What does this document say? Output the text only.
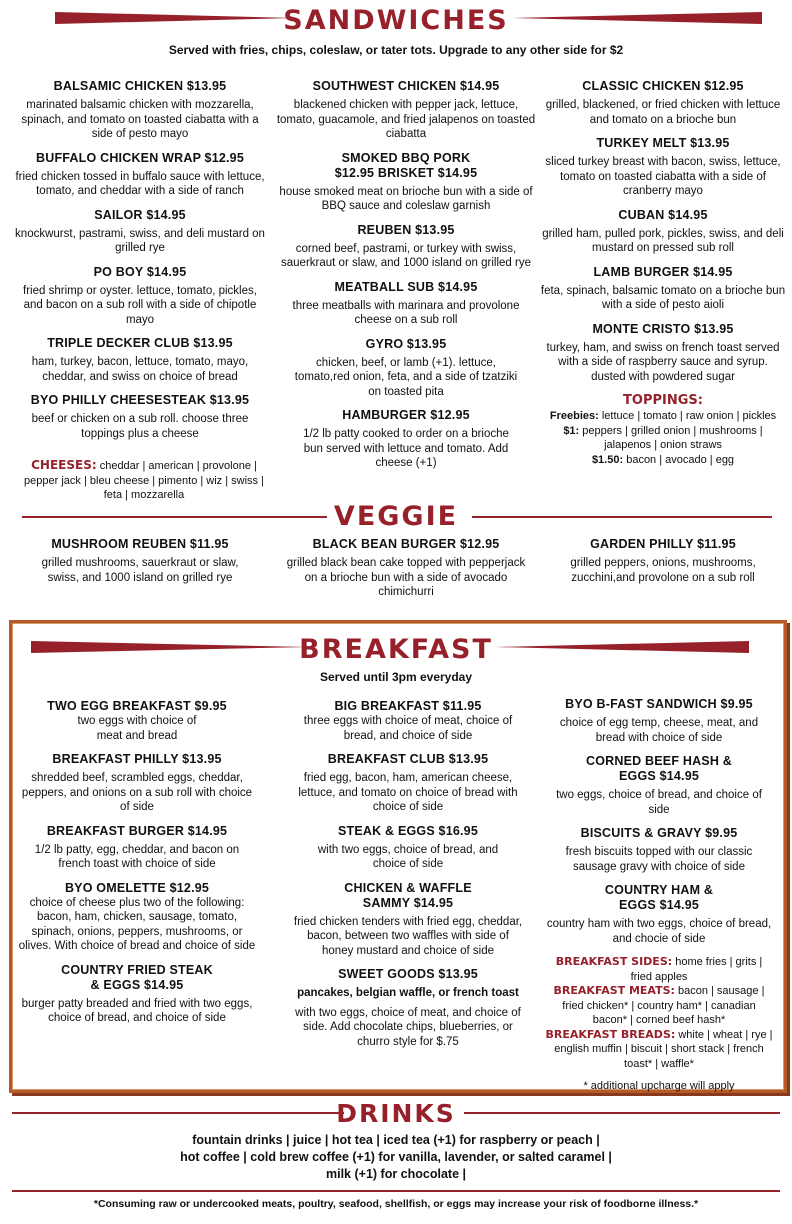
SANDWICHES
Served with fries, chips, coleslaw, or tater tots. Upgrade to any other side for $2
BALSAMIC CHICKEN $13.95
marinated balsamic chicken with mozzarella, spinach, and tomato on toasted ciabatta with a side of pesto mayo
BUFFALO CHICKEN WRAP $12.95
fried chicken tossed in buffalo sauce with lettuce, tomato, and cheddar with a side of ranch
SAILOR $14.95
knockwurst, pastrami, swiss, and deli mustard on grilled rye
PO BOY $14.95
fried shrimp or oyster. lettuce, tomato, pickles, and bacon on a sub roll with a side of chipotle mayo
TRIPLE DECKER CLUB $13.95
ham, turkey, bacon, lettuce, tomato, mayo, cheddar, and swiss on choice of bread
BYO PHILLY CHEESESTEAK $13.95
beef or chicken on a sub roll. choose three toppings plus a cheese
CHEESES: cheddar | american | provolone | pepper jack | bleu cheese | pimento | wiz | swiss | feta | mozzarella
SOUTHWEST CHICKEN $14.95
blackened chicken with pepper jack, lettuce, tomato, guacamole, and fried jalapenos on toasted ciabatta
SMOKED BBQ PORK $12.95 BRISKET $14.95
house smoked meat on brioche bun with a side of BBQ sauce and coleslaw garnish
REUBEN $13.95
corned beef, pastrami, or turkey with swiss, sauerkraut or slaw, and 1000 island on grilled rye
MEATBALL SUB $14.95
three meatballs with marinara and provolone cheese on a sub roll
GYRO $13.95
chicken, beef, or lamb (+1). lettuce, tomato,red onion, feta, and a side of tzatziki on toasted pita
HAMBURGER $12.95
1/2 lb patty cooked to order on a brioche bun served with lettuce and tomato. Add cheese (+1)
CLASSIC CHICKEN $12.95
grilled, blackened, or fried chicken with lettuce and tomato on a brioche bun
TURKEY MELT $13.95
sliced turkey breast with bacon, swiss, lettuce, tomato on toasted ciabatta with a side of cranberry mayo
CUBAN $14.95
grilled ham, pulled pork, pickles, swiss, and deli mustard on pressed sub roll
LAMB BURGER $14.95
feta, spinach, balsamic tomato on a brioche bun with a side of pesto aioli
MONTE CRISTO $13.95
turkey, ham, and swiss on french toast served with a side of raspberry sauce and syrup. dusted with powdered sugar
TOPPINGS:
Freebies: lettuce | tomato | raw onion | pickles
$1: peppers | grilled onion | mushrooms | jalapenos | onion straws
$1.50: bacon | avocado | egg
VEGGIE
MUSHROOM REUBEN $11.95
grilled mushrooms, sauerkraut or slaw, swiss, and 1000 island on grilled rye
BLACK BEAN BURGER $12.95
grilled black bean cake topped with pepperjack on a brioche bun with a side of avocado chimichurri
GARDEN PHILLY $11.95
grilled peppers, onions, mushrooms, zucchini,and provolone on a sub roll
BREAKFAST
Served until 3pm everyday
TWO EGG BREAKFAST $9.95
two eggs with choice of meat and bread
BREAKFAST PHILLY $13.95
shredded beef, scrambled eggs, cheddar, peppers, and onions on a sub roll with choice of side
BREAKFAST BURGER $14.95
1/2 lb patty, egg, cheddar, and bacon on french toast with choice of side
BYO OMELETTE $12.95
choice of cheese plus two of the following: bacon, ham, chicken, sausage, tomato, spinach, onions, peppers, mushrooms, or olives. With choice of bread and choice of side
COUNTRY FRIED STEAK & EGGS $14.95
burger patty breaded and fried with two eggs, choice of bread, and choice of side
BIG BREAKFAST $11.95
three eggs with choice of meat, choice of bread, and choice of side
BREAKFAST CLUB $13.95
fried egg, bacon, ham, american cheese, lettuce, and tomato on choice of bread with choice of side
STEAK & EGGS $16.95
with two eggs, choice of bread, and choice of side
CHICKEN & WAFFLE SAMMY $14.95
fried chicken tenders with fried egg, cheddar, bacon, between two waffles with side of honey mustard and choice of side
SWEET GOODS $13.95
pancakes, belgian waffle, or french toast
with two eggs, choice of meat, and choice of side. Add chocolate chips, blueberries, or churro style for $.75
BYO B-FAST SANDWICH $9.95
choice of egg temp, cheese, meat, and bread with choice of side
CORNED BEEF HASH & EGGS $14.95
two eggs, choice of bread, and choice of side
BISCUITS & GRAVY $9.95
fresh biscuits topped with our classic sausage gravy with choice of side
COUNTRY HAM & EGGS $14.95
country ham with two eggs, choice of bread, and chocie of side
BREAKFAST SIDES: home fries | grits | fried apples
BREAKFAST MEATS: bacon | sausage | fried chicken* | country ham* | canadian bacon* | corned beef hash*
BREAKFAST BREADS: white | wheat | rye | english muffin | biscuit | short stack | french toast* | waffle*
* additional upcharge will apply
DRINKS
fountain drinks | juice | hot tea | iced tea (+1) for raspberry or peach |
hot coffee | cold brew coffee (+1) for vanilla, lavender, or salted caramel |
milk (+1) for chocolate |
*Consuming raw or undercooked meats, poultry, seafood, shellfish, or eggs may increase your risk of foodborne illness.*
